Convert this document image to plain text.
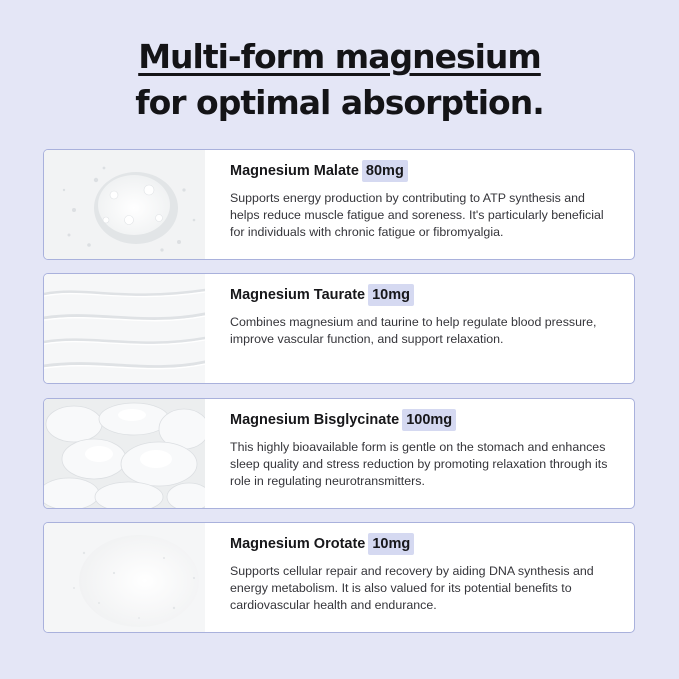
Multi-form magnesium
for optimal absorption.
Magnesium Malate 80mg
Supports energy production by contributing to ATP synthesis and helps reduce muscle fatigue and soreness. It's particularly beneficial for individuals with chronic fatigue or fibromyalgia.
Magnesium Taurate 10mg
Combines magnesium and taurine to help regulate blood pressure, improve vascular function, and support relaxation.
Magnesium Bisglycinate 100mg
This highly bioavailable form is gentle on the stomach and enhances sleep quality and stress reduction by promoting relaxation through its role in regulating neurotransmitters.
Magnesium Orotate 10mg
Supports cellular repair and recovery by aiding DNA synthesis and energy metabolism. It is also valued for its potential benefits to cardiovascular health and endurance.
